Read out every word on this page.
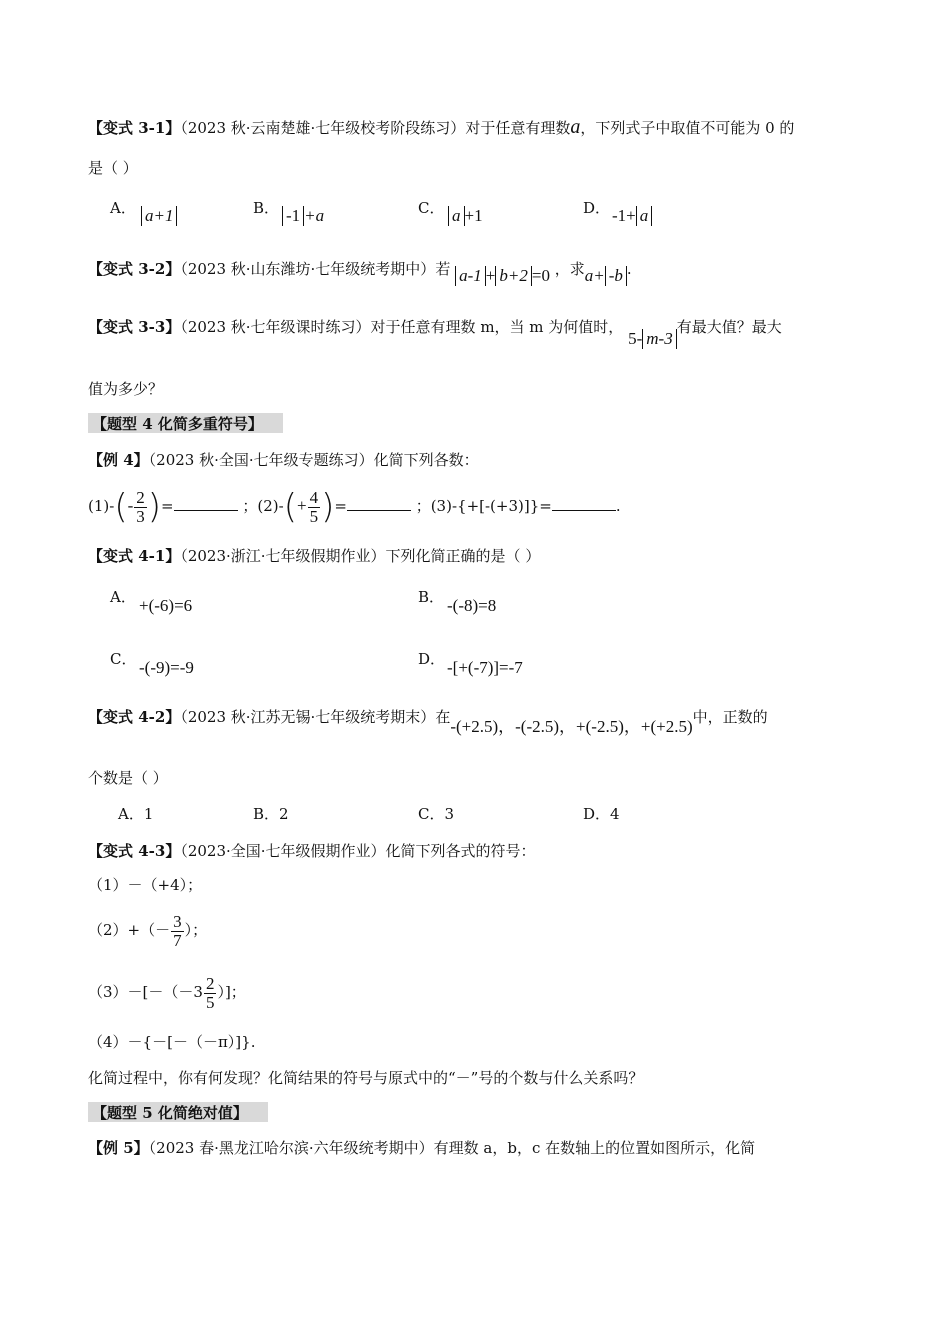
【变式 3-1】（2023 秋·云南楚雄·七年级校考阶段练习）对于任意有理数a，下列式子中取值不可能为 0 的
是（ ）
A． a+1	B． -1 +a	C． a +1	D． -1+ a
【变式 3-2】（2023 秋·山东潍坊·七年级统考期中）若 a-1 + b+2 =0 ，求a+ -b .
【变式 3-3】（2023 秋·七年级课时练习）对于任意有理数 m，当 m 为何值时， 5- m-3有最大值？最大
值为多少？
【题型 4 化简多重符号】
【例 4】（2023 秋·全国·七年级专题练习）化简下列各数：
$(1)-(- \frac{2}{3}$ )=	；$(2)-(+ \frac{4}{5}$ )=	；(3)-{+[-(+3)]}=	.
【变式 4-1】（2023·浙江·七年级假期作业）下列化简正确的是（ ）
A． +(-6)=6	B． -(-8)=8
C． -(-9)=-9	D． -[+(-7)]=-7
【变式 4-2】（2023 秋·江苏无锡·七年级统考期末）在-(+2.5)，-(-2.5)，+(-2.5)，+(+2.5)中，正数的
个数是（ ）
A．1	B．2	C．3	D．4
【变式 4-3】（2023·全国·七年级假期作业）化简下列各式的符号：
（1）－（+4）；
$(2)+(- \frac{3}{7}$ ）；
$(3)-[-(-3 \frac{2}{5}$ ）]；
（4）－{－[－（－π）]}.
化简过程中，你有何发现？化简结果的符号与原式中的“－”号的个数与什么关系吗？
【题型 5 化简绝对值】
【例 5】（2023 春·黑龙江哈尔滨·六年级统考期中）有理数 a，b，c 在数轴上的位置如图所示，化简
